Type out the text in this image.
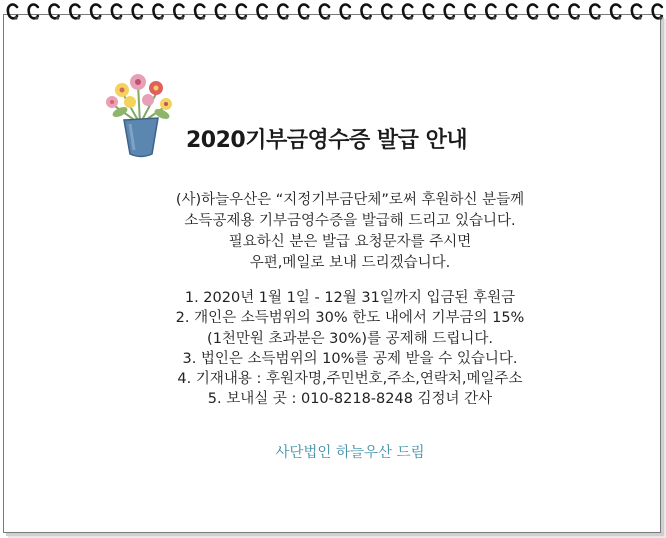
2020기부금영수증 발급 안내
(사)하늘우산은 “지정기부금단체”로써 후원하신 분들께
소득공제용 기부금영수증을 발급해 드리고 있습니다.
필요하신 분은 발급 요청문자를 주시면
우편,메일로 보내 드리겠습니다.
1. 2020년 1월 1일 - 12월 31일까지 입금된 후원금
2. 개인은 소득범위의 30% 한도 내에서 기부금의 15%
(1천만원 초과분은 30%)를 공제해 드립니다.
3. 법인은 소득범위의 10%를 공제 받을 수 있습니다.
4. 기재내용 : 후원자명,주민번호,주소,연락처,메일주소
5. 보내실 곳 : 010-8218-8248 김정녀 간사
사단법인 하늘우산 드림
